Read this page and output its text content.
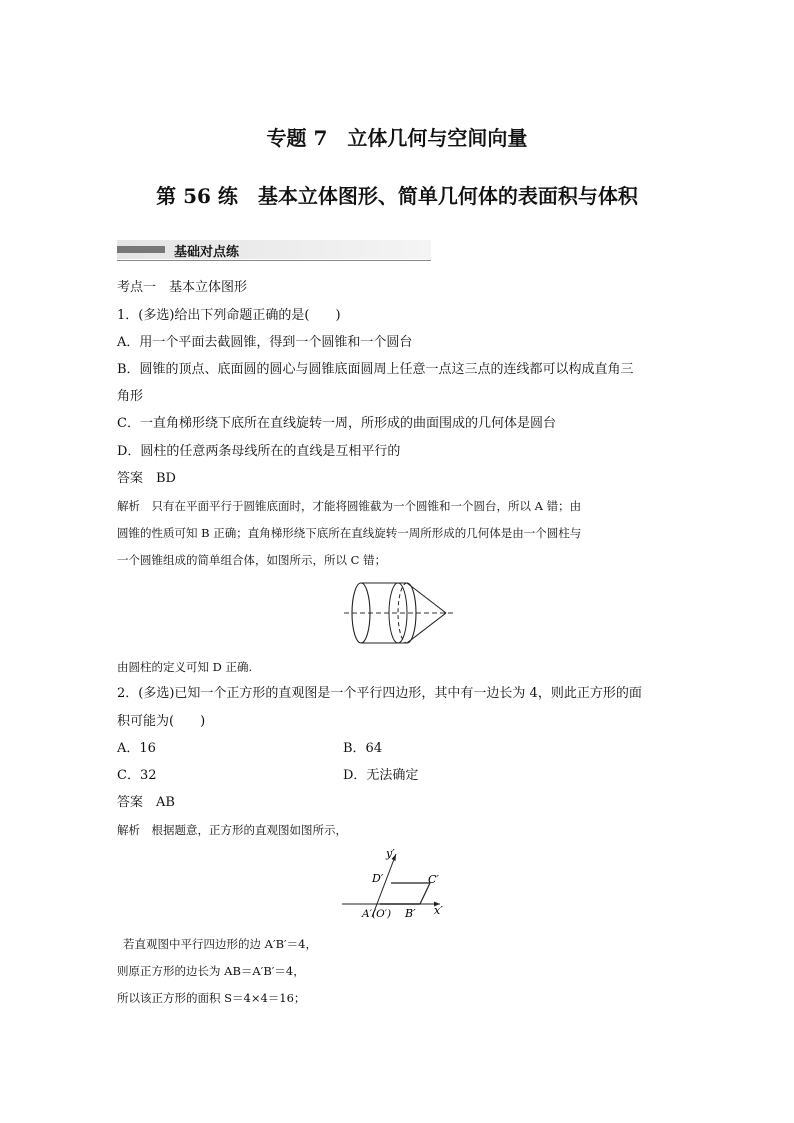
专题 7　立体几何与空间向量
第 56 练　基本立体图形、简单几何体的表面积与体积
基础对点练
考点一　基本立体图形
1．(多选)给出下列命题正确的是(　　)
A．用一个平面去截圆锥，得到一个圆锥和一个圆台
B．圆锥的顶点、底面圆的圆心与圆锥底面圆周上任意一点这三点的连线都可以构成直角三
角形
C．一直角梯形绕下底所在直线旋转一周，所形成的曲面围成的几何体是圆台
D．圆柱的任意两条母线所在的直线是互相平行的
答案　BD
解析　只有在平面平行于圆锥底面时，才能将圆锥截为一个圆锥和一个圆台，所以 A 错；由
圆锥的性质可知 B 正确；直角梯形绕下底所在直线旋转一周所形成的几何体是由一个圆柱与
一个圆锥组成的简单组合体，如图所示，所以 C 错；
由圆柱的定义可知 D 正确.
2．(多选)已知一个正方形的直观图是一个平行四边形，其中有一边长为 4，则此正方形的面
积可能为(　　)
A．16	B．64
C．32	D．无法确定
答案　AB
解析　根据题意，正方形的直观图如图所示，
y′
D′	C′
A′(O′) B′ x′
若直观图中平行四边形的边 A′B′＝4，
则原正方形的边长为 AB＝A′B′＝4，
所以该正方形的面积 S＝4×4＝16；
